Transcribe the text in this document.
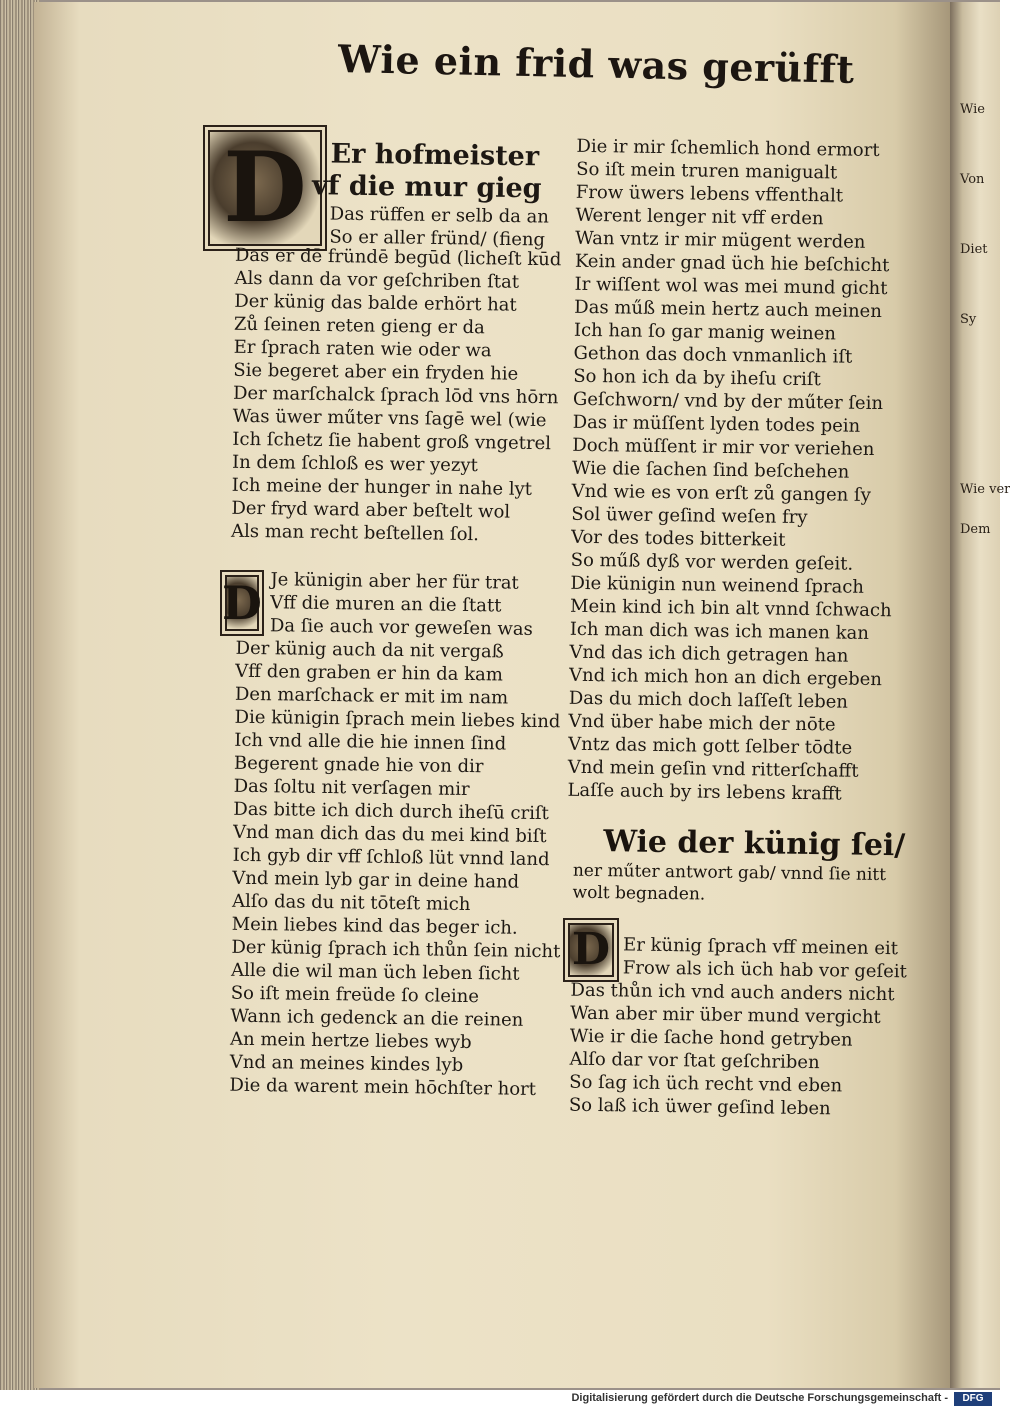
Wie
Von
Diet
Sy
Wie ver
Dem
Wie ein frid was gerüfft
D Er hofmeister
vf die mur gieg
Das rüffen er selb da an
So er aller fründ/ (fieng
Das er dē fründē begūd (licheſt kūd
Als dann da vor geſchriben ſtat
Der künig das balde erhört hat
Zů ſeinen reten gieng er da
Er ſprach raten wie oder wa
Sie begeret aber ein fryden hie
Der marſchalck ſprach lōd vns hōrn
Was üwer műter vns ſagē wel (wie
Ich ſchetz ſie habent groß vngetrel
In dem ſchloß es wer yezyt
Ich meine der hunger in nahe lyt
Der fryd ward aber beſtelt wol
Als man recht beſtellen ſol.
D Je künigin aber her für trat
Vff die muren an die ſtatt
Da ſie auch vor geweſen was
Der künig auch da nit vergaß
Vff den graben er hin da kam
Den marſchack er mit im nam
Die künigin ſprach mein liebes kind
Ich vnd alle die hie innen ſind
Begerent gnade hie von dir
Das ſoltu nit verſagen mir
Das bitte ich dich durch iheſū criſt
Vnd man dich das du mei kind biſt
Ich gyb dir vff ſchloß lüt vnnd land
Vnd mein lyb gar in deine hand
Alſo das du nit tōteſt mich
Mein liebes kind das beger ich.
Der künig ſprach ich thůn ſein nicht
Alle die wil man üch leben ſicht
So iſt mein freüde ſo cleine
Wann ich gedenck an die reinen
An mein hertze liebes wyb
Vnd an meines kindes lyb
Die da warent mein hōchſter hort
Die ir mir ſchemlich hond ermort
So iſt mein truren manigualt
Frow üwers lebens vffenthalt
Werent lenger nit vff erden
Wan vntz ir mir mügent werden
Kein ander gnad üch hie beſchicht
Ir wiſſent wol was mei mund gicht
Das műß mein hertz auch meinen
Ich han ſo gar manig weinen
Gethon das doch vnmanlich iſt
So hon ich da by iheſu criſt
Geſchworn/ vnd by der műter ſein
Das ir müſſent lyden todes pein
Doch müſſent ir mir vor veriehen
Wie die ſachen ſind beſchehen
Vnd wie es von erſt zů gangen ſy
Sol üwer geſind weſen fry
Vor des todes bitterkeit
So műß dyß vor werden geſeit.
Die künigin nun weinend ſprach
Mein kind ich bin alt vnnd ſchwach
Ich man dich was ich manen kan
Vnd das ich dich getragen han
Vnd ich mich hon an dich ergeben
Das du mich doch laſſeſt leben
Vnd über habe mich der nōte
Vntz das mich gott ſelber tōdte
Vnd mein geſin vnd ritterſchafft
Laſſe auch by irs lebens krafft
Wie der künig ſei/
ner műter antwort gab/ vnnd ſie nitt
wolt begnaden.
D Er künig ſprach vff meinen eit
Frow als ich üch hab vor geſeit
Das thůn ich vnd auch anders nicht
Wan aber mir über mund vergicht
Wie ir die ſache hond getryben
Alſo dar vor ſtat geſchriben
So ſag ich üch recht vnd eben
So laß ich üwer geſind leben
Digitalisierung gefördert durch die Deutsche Forschungsgemeinschaft -	DFG
